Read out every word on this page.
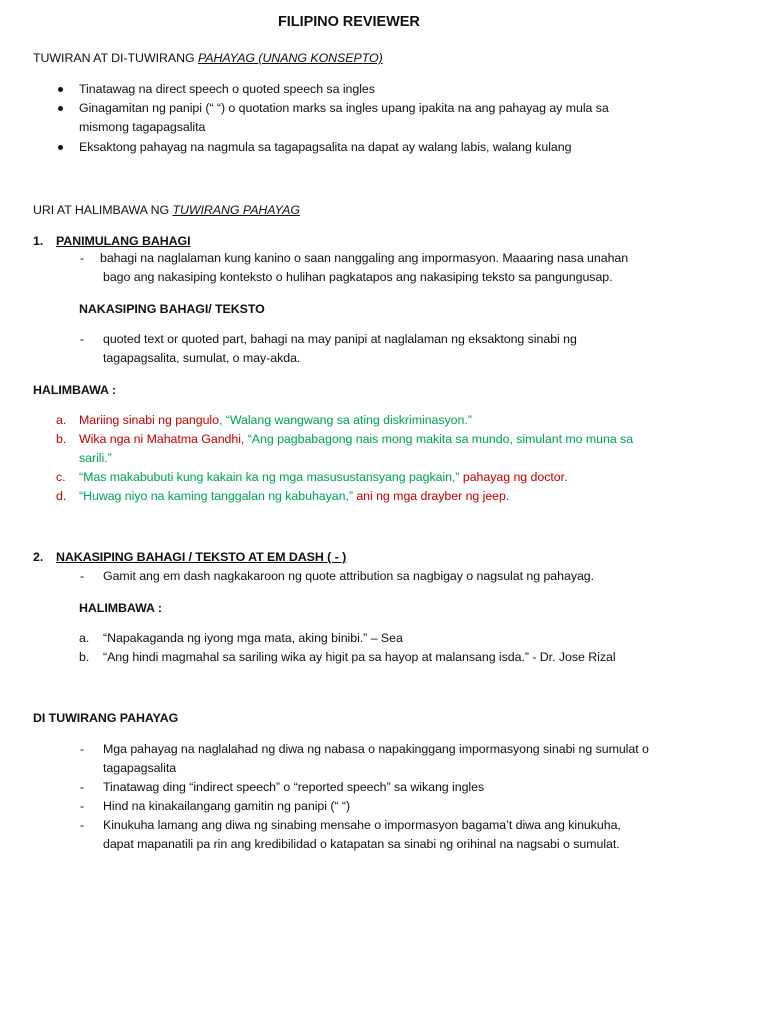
FILIPINO REVIEWER
TUWIRAN AT DI-TUWIRANG PAHAYAG (UNANG KONSEPTO)
Tinatawag na direct speech o quoted speech sa ingles
Ginagamitan ng panipi (“ “) o quotation marks sa ingles upang ipakita na ang pahayag ay mula sa
mismong tagapagsalita
Eksaktong pahayag na nagmula sa tagapagsalita na dapat ay walang labis, walang kulang
URI AT HALIMBAWA NG TUWIRANG PAHAYAG
1. PANIMULANG BAHAGI
- bahagi na naglalaman kung kanino o saan nanggaling ang impormasyon. Maaaring nasa unahan
bago ang nakasiping konteksto o hulihan pagkatapos ang nakasiping teksto sa pangungusap.
NAKASIPING BAHAGI/ TEKSTO
- quoted text or quoted part, bahagi na may panipi at naglalaman ng eksaktong sinabi ng
tagapagsalita, sumulat, o may-akda.
HALIMBAWA :
a. Mariing sinabi ng pangulo, “Walang wangwang sa ating diskriminasyon.”
b. Wika nga ni Mahatma Gandhi, “Ang pagbabagong nais mong makita sa mundo, simulant mo muna sa
sarili.”
c. “Mas makabubuti kung kakain ka ng mga masusustansyang pagkain,” pahayag ng doctor.
d. “Huwag niyo na kaming tanggalan ng kabuhayan,” ani ng mga drayber ng jeep.
2. NAKASIPING BAHAGI / TEKSTO AT EM DASH ( - )
- Gamit ang em dash nagkakaroon ng quote attribution sa nagbigay o nagsulat ng pahayag.
HALIMBAWA :
a. “Napakaganda ng iyong mga mata, aking binibi.” – Sea
b. “Ang hindi magmahal sa sariling wika ay higit pa sa hayop at malansang isda.” - Dr. Jose Rizal
DI TUWIRANG PAHAYAG
- Mga pahayag na naglalahad ng diwa ng nabasa o napakinggang impormasyong sinabi ng sumulat o
tagapagsalita
- Tinatawag ding “indirect speech” o “reported speech” sa wikang ingles
- Hind na kinakailangang gamitin ng panipi (“ “)
- Kinukuha lamang ang diwa ng sinabing mensahe o impormasyon bagama’t diwa ang kinukuha,
dapat mapanatili pa rin ang kredibilidad o katapatan sa sinabi ng orihinal na nagsabi o sumulat.
